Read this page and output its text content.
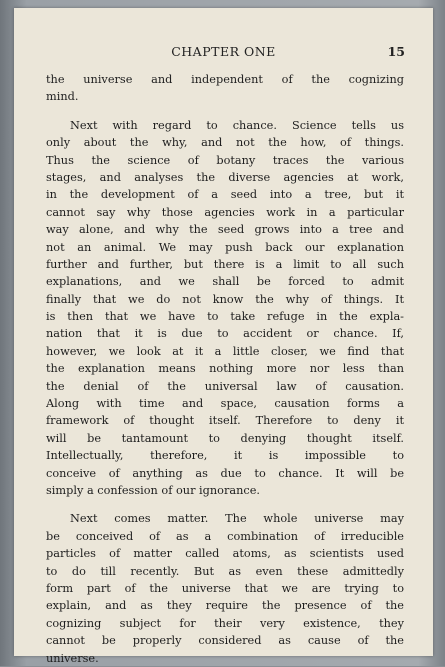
CHAPTER ONE	15
the universe and independent of the cognizing
mind.
Next with regard to chance. Science tells us
only about the why, and not the how, of things.
Thus the science of botany traces the various
stages, and analyses the diverse agencies at work,
in the development of a seed into a tree, but it
cannot say why those agencies work in a particular
way alone, and why the seed grows into a tree and
not an animal. We may push back our explanation
further and further, but there is a limit to all such
explanations, and we shall be forced to admit
finally that we do not know the why of things. It
is then that we have to take refuge in the expla-
nation that it is due to accident or chance. If,
however, we look at it a little closer, we find that
the explanation means nothing more nor less than
the denial of the universal law of causation.
Along with time and space, causation forms a
framework of thought itself. Therefore to deny it
will be tantamount to denying thought itself.
Intellectually, therefore, it is impossible to
conceive of anything as due to chance. It will be
simply a confession of our ignorance.
Next comes matter. The whole universe may
be conceived of as a combination of irreducible
particles of matter called atoms, as scientists used
to do till recently. But as even these admittedly
form part of the universe that we are trying to
explain, and as they require the presence of the
cognizing subject for their very existence, they
cannot be properly considered as cause of the
universe.
